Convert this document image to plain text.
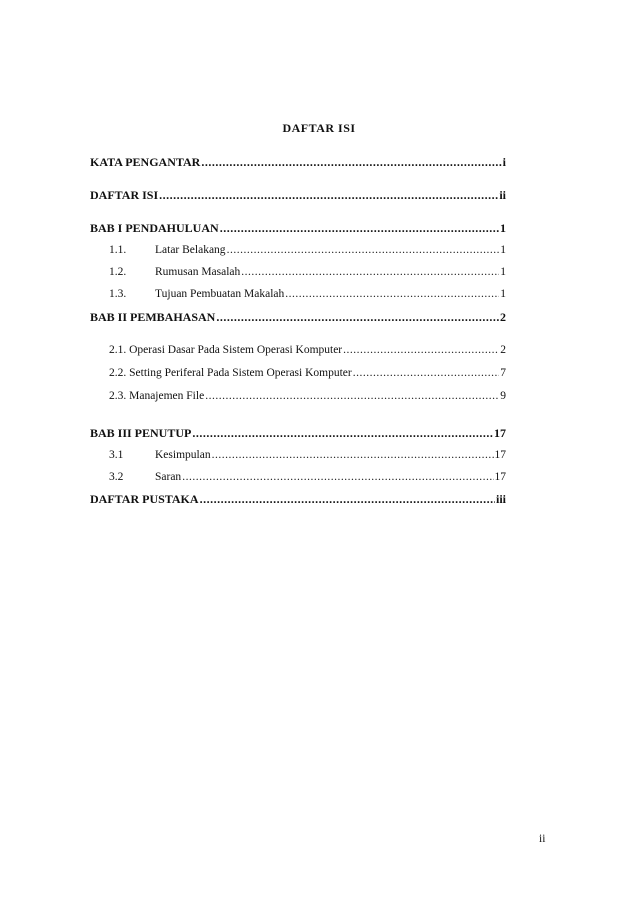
DAFTAR ISI
KATA PENGANTAR .....	i
DAFTAR ISI .....	ii
BAB I PENDAHULUAN .....	1
1.1.	Latar Belakang .....	1
1.2.	Rumusan Masalah .....	1
1.3.	Tujuan Pembuatan Makalah .....	1
BAB II PEMBAHASAN .....	2
2.1. Operasi Dasar Pada Sistem Operasi Komputer .....	2
2.2. Setting Periferal Pada Sistem Operasi Komputer .....	7
2.3. Manajemen File .....	9
BAB III PENUTUP .....	17
3.1	Kesimpulan .....	17
3.2	Saran .....	17
DAFTAR PUSTAKA .....	iii
ii
